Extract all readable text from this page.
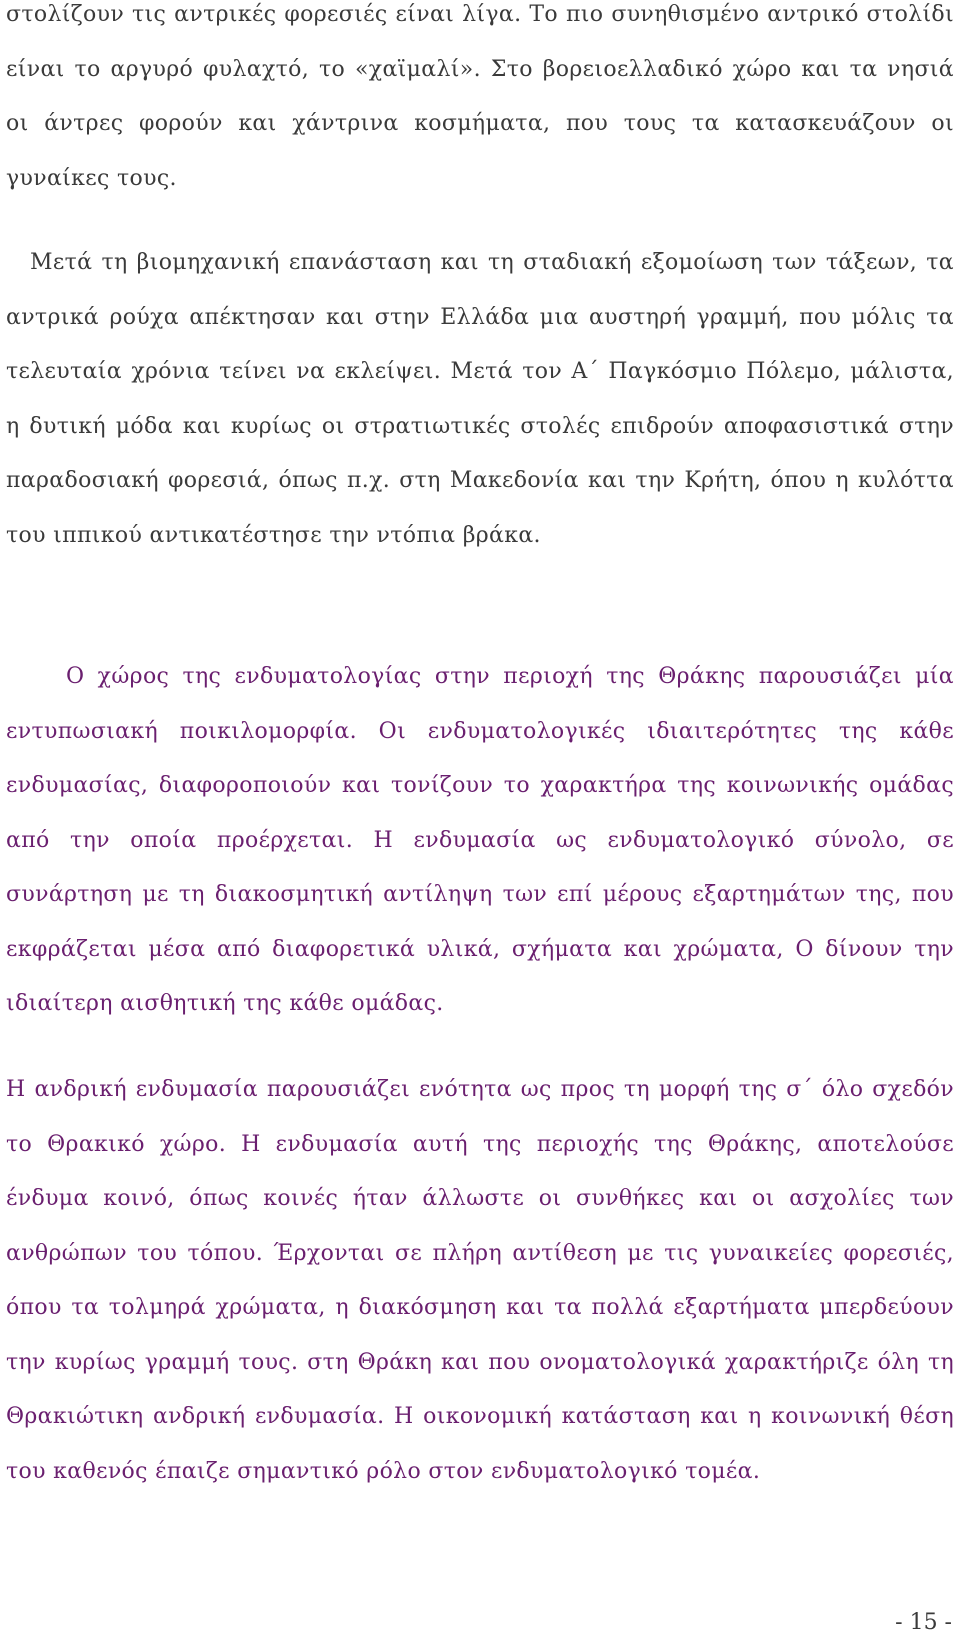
στολίζουν τις αντρικές φορεσιές είναι λίγα. Το πιο συνηθισμένο αντρικό στολίδι είναι το αργυρό φυλαχτό, το «χαϊμαλί». Στο βορειοελλαδικό χώρο και τα νησιά οι άντρες φορούν και χάντρινα κοσμήματα, που τους τα κατασκευάζουν οι γυναίκες τους.

Μετά τη βιομηχανική επανάσταση και τη σταδιακή εξομοίωση των τάξεων, τα αντρικά ρούχα απέκτησαν και στην Ελλάδα μια αυστηρή γραμμή, που μόλις τα τελευταία χρόνια τείνει να εκλείψει. Μετά τον Α΄ Παγκόσμιο Πόλεμο, μάλιστα, η δυτική μόδα και κυρίως οι στρατιωτικές στολές επιδρούν αποφασιστικά στην παραδοσιακή φορεσιά, όπως π.χ. στη Μακεδονία και την Κρήτη, όπου η κυλόττα του ιππικού αντικατέστησε την ντόπια βράκα.

Ο χώρος της ενδυματολογίας στην περιοχή της Θράκης παρουσιάζει μία εντυπωσιακή ποικιλομορφία. Οι ενδυματολογικές ιδιαιτερότητες της κάθε ενδυμασίας, διαφοροποιούν και τονίζουν το χαρακτήρα της κοινωνικής ομάδας από την οποία προέρχεται. Η ενδυμασία ως ενδυματολογικό σύνολο, σε συνάρτηση με τη διακοσμητική αντίληψη των επί μέρους εξαρτημάτων της, που εκφράζεται μέσα από διαφορετικά υλικά, σχήματα και χρώματα, Ο δίνουν την ιδιαίτερη αισθητική της κάθε ομάδας.

Η ανδρική ενδυμασία παρουσιάζει ενότητα ως προς τη μορφή της σ΄ όλο σχεδόν το Θρακικό χώρο. Η ενδυμασία αυτή της περιοχής της Θράκης, αποτελούσε ένδυμα κοινό, όπως κοινές ήταν άλλωστε οι συνθήκες και οι ασχολίες των ανθρώπων του τόπου. Έρχονται σε πλήρη αντίθεση με τις γυναικείες φορεσιές, όπου τα τολμηρά χρώματα, η διακόσμηση και τα πολλά εξαρτήματα μπερδεύουν την κυρίως γραμμή τους. στη Θράκη και που ονοματολογικά χαρακτήριζε όλη τη Θρακιώτικη ανδρική ενδυμασία. Η οικονομική κατάσταση και η κοινωνική θέση του καθενός έπαιζε σημαντικό ρόλο στον ενδυματολογικό τομέα.

- 15 -
